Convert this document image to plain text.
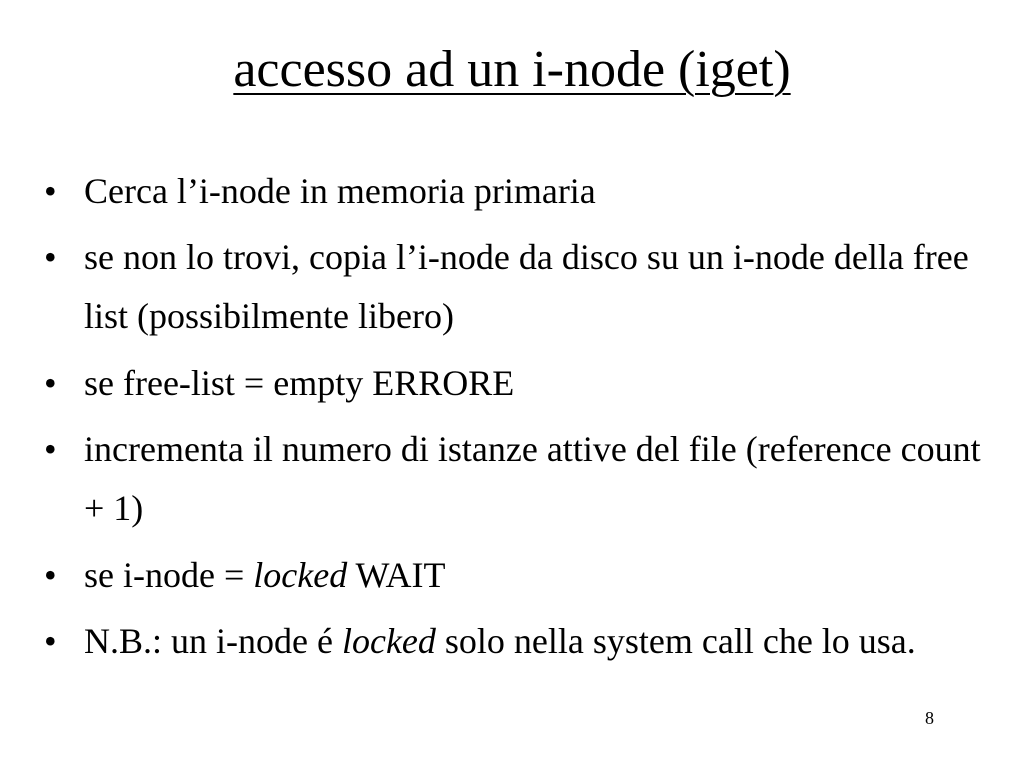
accesso ad un i-node (iget)
• Cerca l’i-node in memoria primaria
• se non lo trovi, copia l’i-node da disco su un i-node della free list (possibilmente libero)
• se free-list = empty ERRORE
• incrementa il numero di istanze attive del file (reference count + 1)
• se i-node = locked WAIT
• N.B.: un i-node é locked solo nella system call che lo usa.
8
